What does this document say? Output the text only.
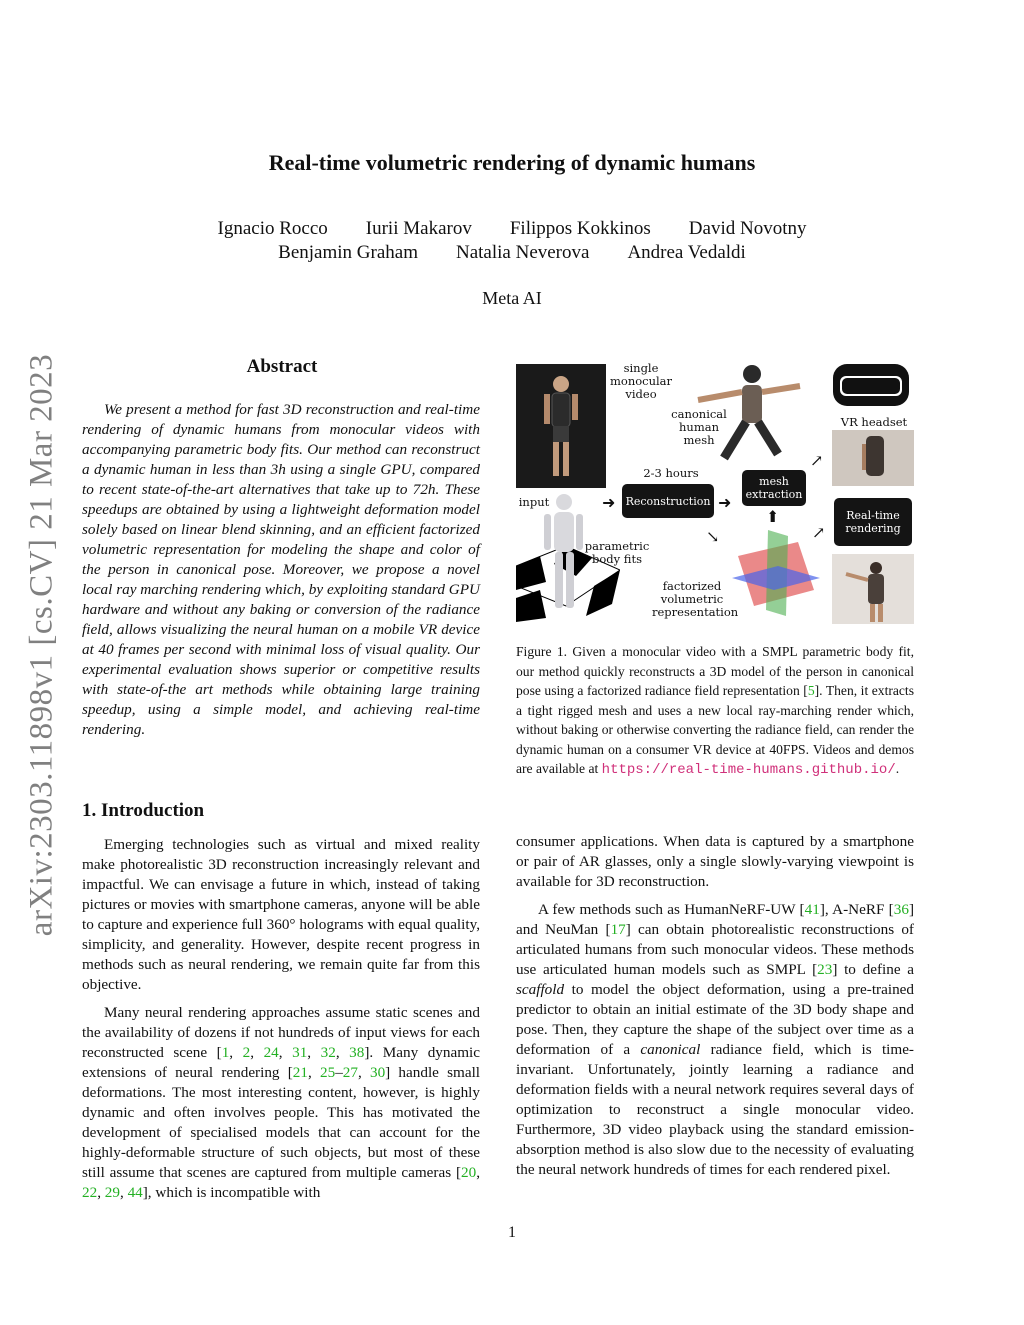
Real-time volumetric rendering of dynamic humans
Ignacio Rocco Iurii Makarov Filippos Kokkinos David Novotny
Benjamin Graham Natalia Neverova Andrea Vedaldi
Meta AI
arXiv:2303.11898v1 [cs.CV] 21 Mar 2023	Abstract

We present a method for fast 3D reconstruction and real-time rendering of dynamic humans from monocular videos with accompanying parametric body fits. Our method can reconstruct a dynamic human in less than 3h using a single GPU, compared to recent state-of-the-art alternatives that take up to 72h. These speedups are obtained by using a lightweight deformation model solely based on linear blend skinning, and an efficient factorized volumetric representation for modeling the shape and color of the person in canonical pose. Moreover, we propose a novel local ray marching rendering which, by exploiting standard GPU hardware and without any baking or conversion of the radiance field, allows visualizing the neural human on a mobile VR device at 40 frames per second with minimal loss of visual quality. Our experimental evaluation shows superior or competitive results with state-of-the art methods while obtaining large training speedup, using a simple model, and achieving real-time rendering.

1. Introduction

Emerging technologies such as virtual and mixed reality make photorealistic 3D reconstruction increasingly relevant and impactful. We can envisage a future in which, instead of taking pictures or movies with smartphone cameras, anyone will be able to capture and experience full 360° holograms with equal quality, simplicity, and generality. However, despite recent progress in methods such as neural rendering, we remain quite far from this objective.

Many neural rendering approaches assume static scenes and the availability of dozens if not hundreds of input views for each reconstructed scene [1, 2, 24, 31, 32, 38]. Many dynamic extensions of neural rendering [21, 25–27, 30] handle small deformations. The most interesting content, however, is highly dynamic and often involves people. This has motivated the development of specialised models that can account for the highly-deformable structure of such objects, but most of these still assume that scenes are captured from multiple cameras [20, 22, 29, 44], which is incompatible with

single monocular video
canonical human mesh
VR headset
input	➜
2-3 hours
Reconstruction ➜
mesh extraction
⬆
↗
Real-time rendering
↗
parametric body fits
↘
factorized volumetric representation

Figure 1. Given a monocular video with a SMPL parametric body fit, our method quickly reconstructs a 3D model of the person in canonical pose using a factorized radiance field representation [5]. Then, it extracts a tight rigged mesh and uses a new local ray-marching render which, without baking or otherwise converting the radiance field, can render the dynamic human on a consumer VR device at 40FPS. Videos and demos are available at https://real-time-humans.github.io/.

consumer applications. When data is captured by a smartphone or pair of AR glasses, only a single slowly-varying viewpoint is available for 3D reconstruction.

A few methods such as HumanNeRF-UW [41], A-NeRF [36] and NeuMan [17] can obtain photorealistic reconstructions of articulated humans from such monocular videos. These methods use articulated human models such as SMPL [23] to define a scaffold to model the object deformation, using a pre-trained predictor to obtain an initial estimate of the 3D body shape and pose. Then, they capture the shape of the subject over time as a deformation of a canonical radiance field, which is time-invariant. Unfortunately, jointly learning a radiance and deformation fields with a neural network requires several days of optimization to reconstruct a single monocular video. Furthermore, 3D video playback using the standard emission-absorption method is also slow due to the necessity of evaluating the neural network hundreds of times for each rendered pixel.

1
